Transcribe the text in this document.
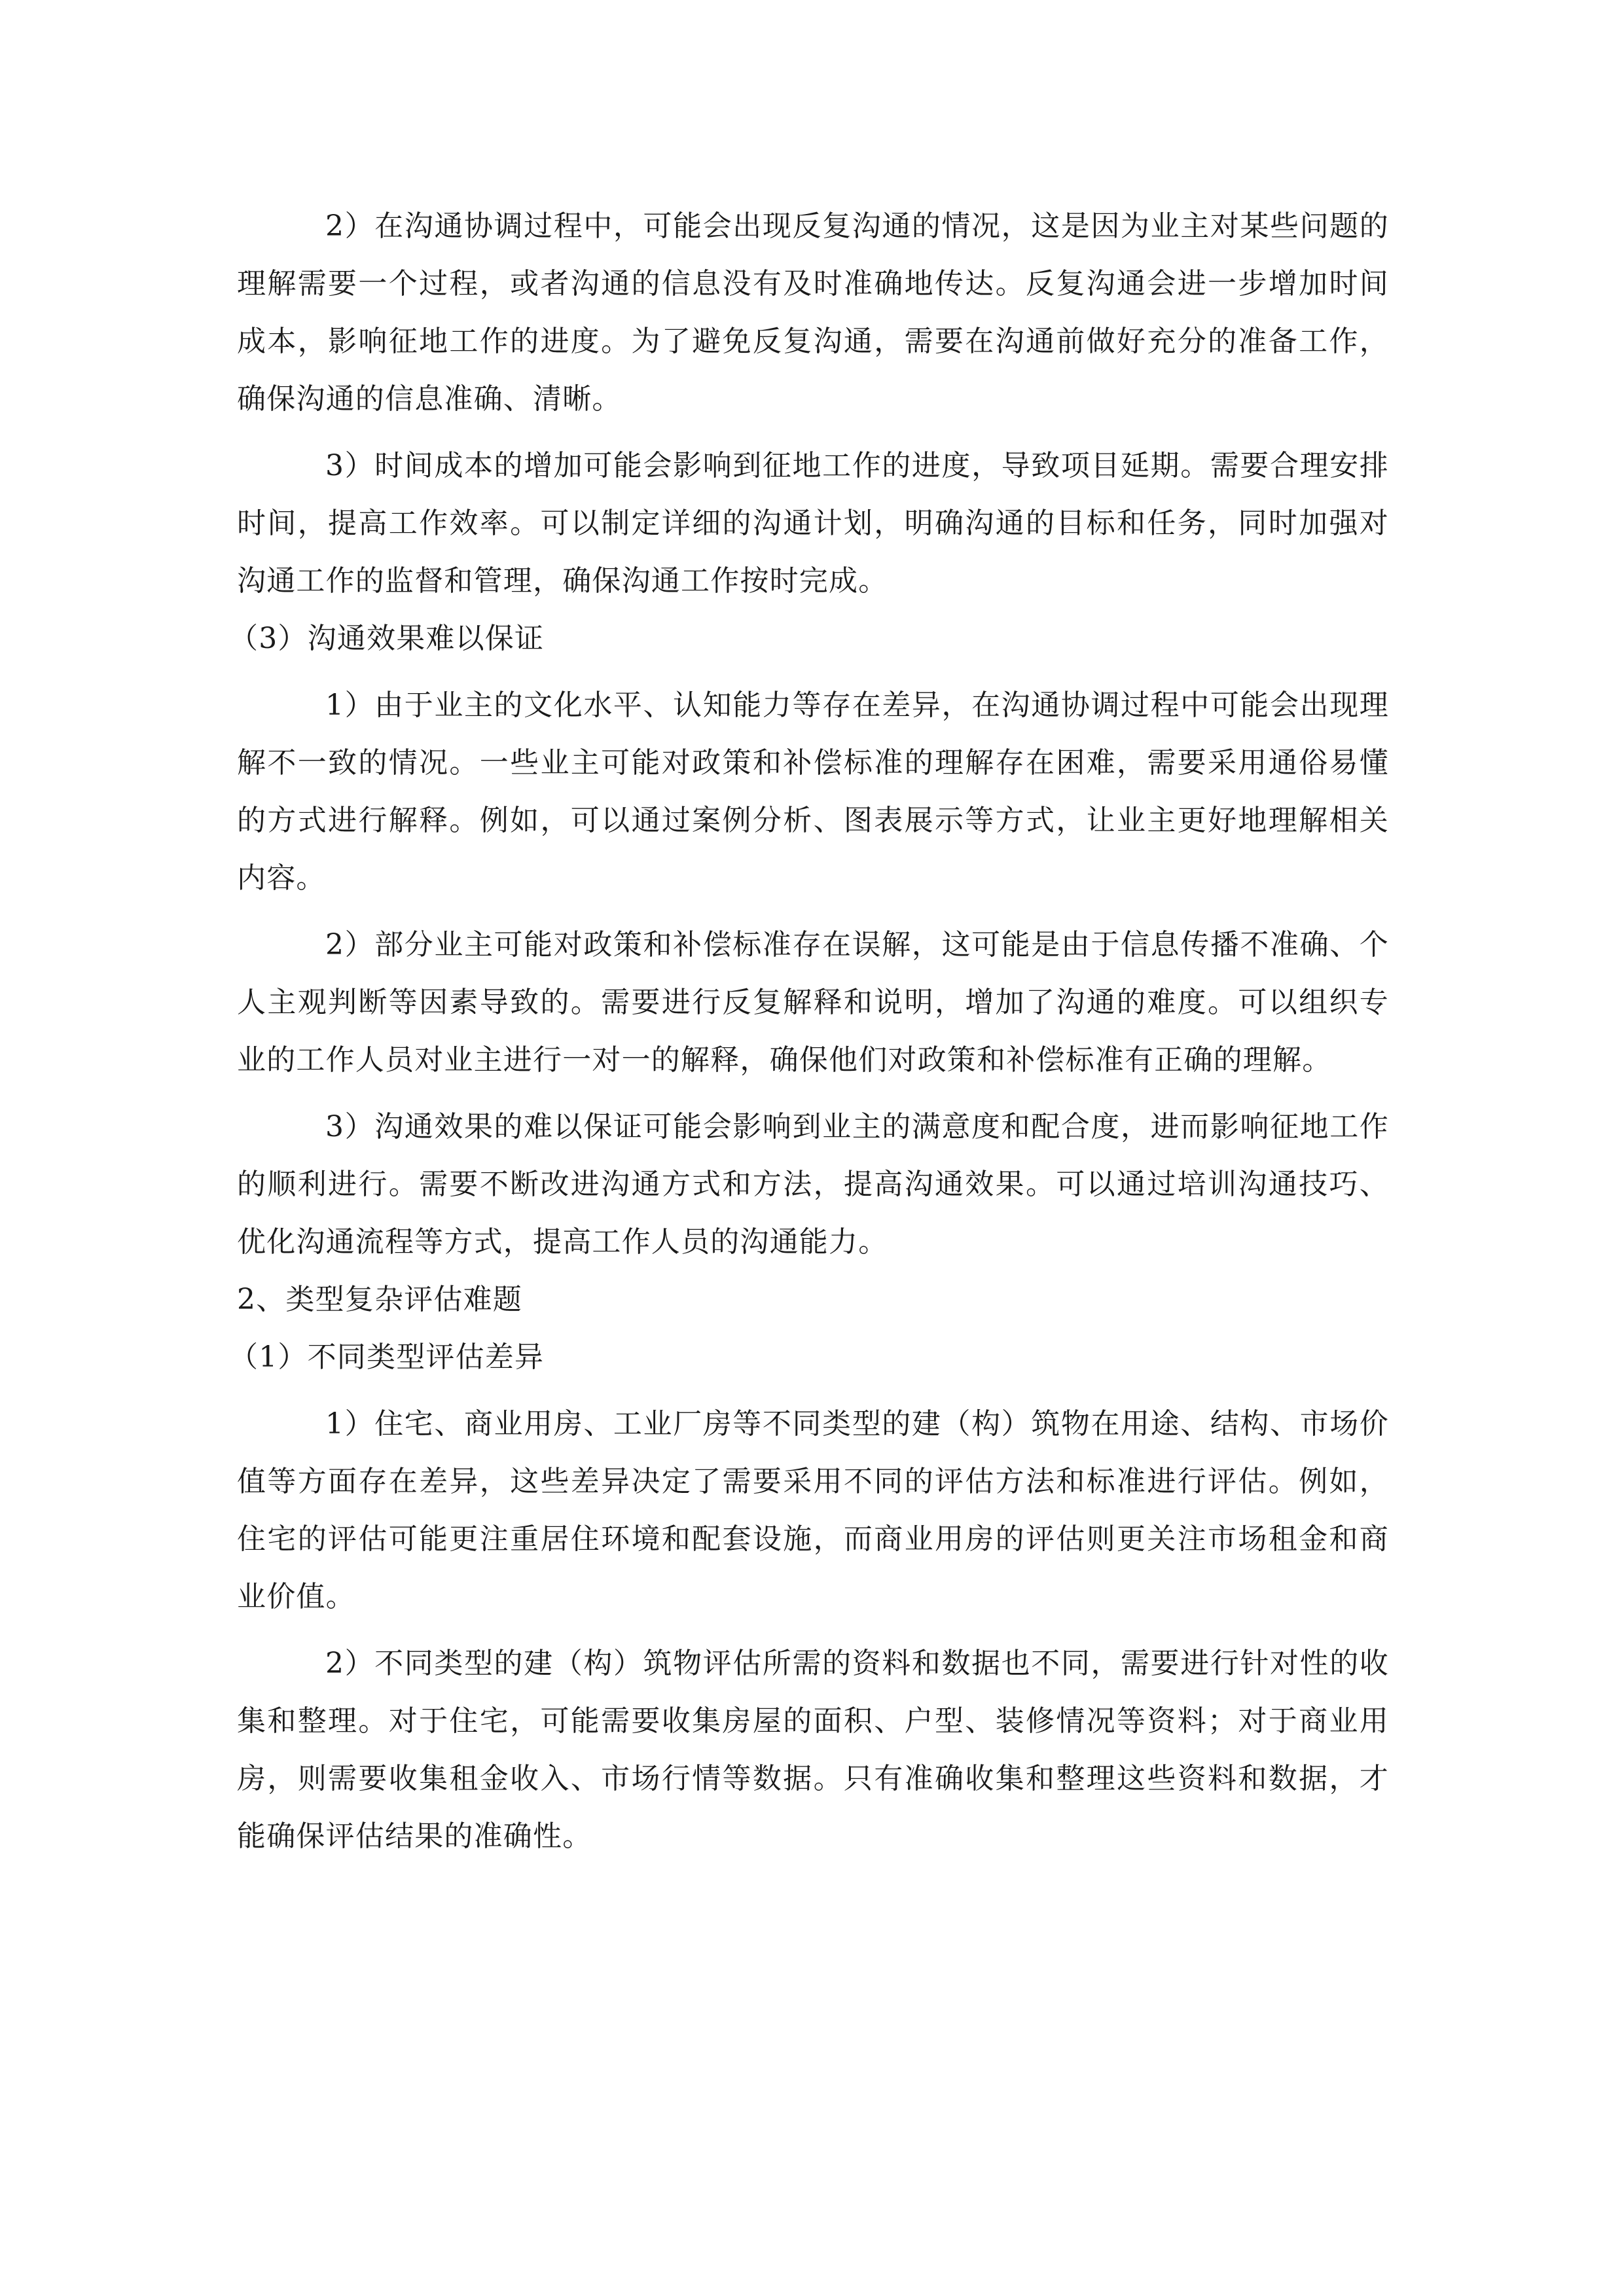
2）在沟通协调过程中，可能会出现反复沟通的情况，这是因为业主对某些问题的理解需要一个过程，或者沟通的信息没有及时准确地传达。反复沟通会进一步增加时间成本，影响征地工作的进度。为了避免反复沟通，需要在沟通前做好充分的准备工作，确保沟通的信息准确、清晰。

3）时间成本的增加可能会影响到征地工作的进度，导致项目延期。需要合理安排时间，提高工作效率。可以制定详细的沟通计划，明确沟通的目标和任务，同时加强对沟通工作的监督和管理，确保沟通工作按时完成。

（3）沟通效果难以保证

1）由于业主的文化水平、认知能力等存在差异，在沟通协调过程中可能会出现理解不一致的情况。一些业主可能对政策和补偿标准的理解存在困难，需要采用通俗易懂的方式进行解释。例如，可以通过案例分析、图表展示等方式，让业主更好地理解相关内容。

2）部分业主可能对政策和补偿标准存在误解，这可能是由于信息传播不准确、个人主观判断等因素导致的。需要进行反复解释和说明，增加了沟通的难度。可以组织专业的工作人员对业主进行一对一的解释，确保他们对政策和补偿标准有正确的理解。

3）沟通效果的难以保证可能会影响到业主的满意度和配合度，进而影响征地工作的顺利进行。需要不断改进沟通方式和方法，提高沟通效果。可以通过培训沟通技巧、优化沟通流程等方式，提高工作人员的沟通能力。

2、类型复杂评估难题

（1）不同类型评估差异

1）住宅、商业用房、工业厂房等不同类型的建（构）筑物在用途、结构、市场价值等方面存在差异，这些差异决定了需要采用不同的评估方法和标准进行评估。例如，住宅的评估可能更注重居住环境和配套设施，而商业用房的评估则更关注市场租金和商业价值。

2）不同类型的建（构）筑物评估所需的资料和数据也不同，需要进行针对性的收集和整理。对于住宅，可能需要收集房屋的面积、户型、装修情况等资料；对于商业用房，则需要收集租金收入、市场行情等数据。只有准确收集和整理这些资料和数据，才能确保评估结果的准确性。
